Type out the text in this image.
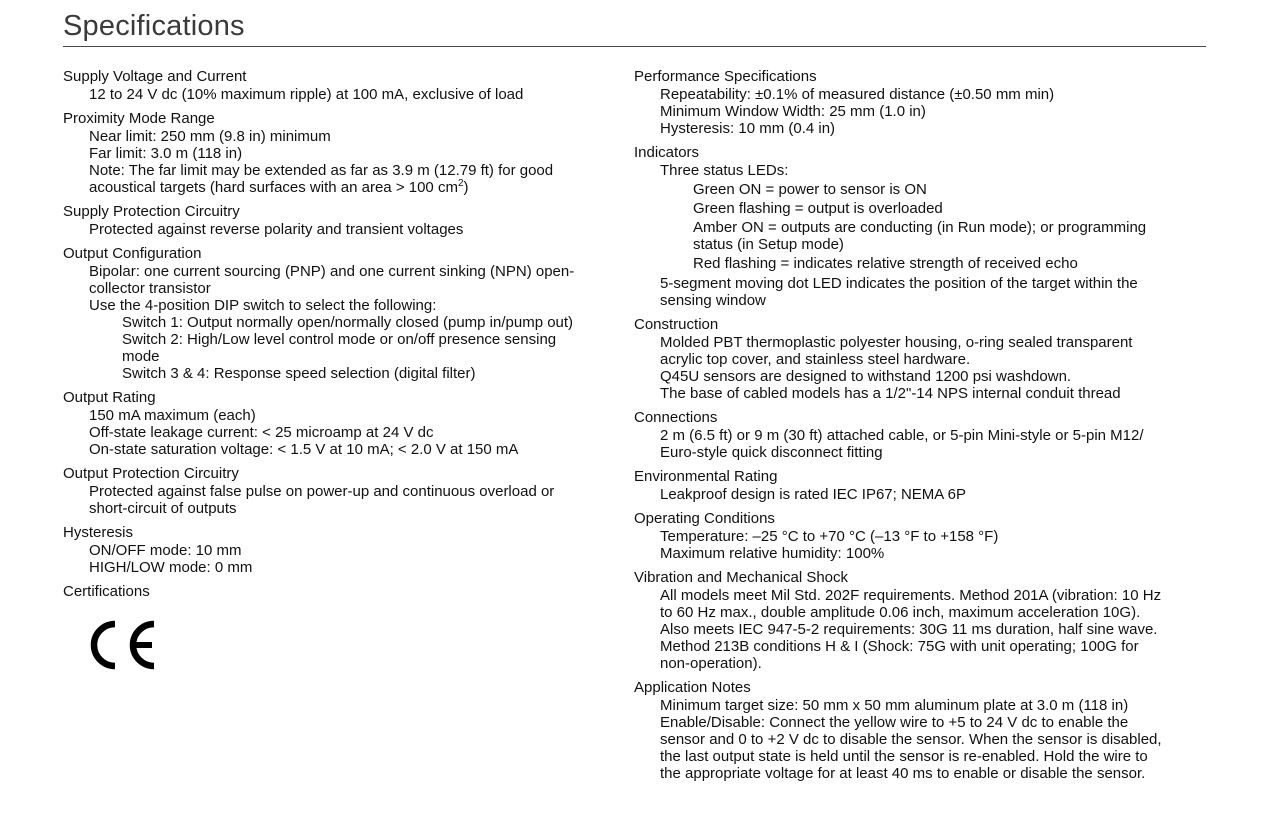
Specifications
Supply Voltage and Current
12 to 24 V dc (10% maximum ripple) at 100 mA, exclusive of load
Proximity Mode Range
Near limit: 250 mm (9.8 in) minimum
Far limit: 3.0 m (118 in)
Note: The far limit may be extended as far as 3.9 m (12.79 ft) for good
acoustical targets (hard surfaces with an area > 100 $cm^2$)
Supply Protection Circuitry
Protected against reverse polarity and transient voltages
Output Configuration
Bipolar: one current sourcing (PNP) and one current sinking (NPN) open-
collector transistor
Use the 4-position DIP switch to select the following:
Switch 1: Output normally open/normally closed (pump in/pump out)
Switch 2: High/Low level control mode or on/off presence sensing
mode
Switch 3 & 4: Response speed selection (digital filter)
Output Rating
150 mA maximum (each)
Off-state leakage current: < 25 microamp at 24 V dc
On-state saturation voltage: < 1.5 V at 10 mA; < 2.0 V at 150 mA
Output Protection Circuitry
Protected against false pulse on power-up and continuous overload or
short-circuit of outputs
Hysteresis
ON/OFF mode: 10 mm
HIGH/LOW mode: 0 mm
Certifications
Performance Specifications
Repeatability: ±0.1% of measured distance (±0.50 mm min)
Minimum Window Width: 25 mm (1.0 in)
Hysteresis: 10 mm (0.4 in)
Indicators
Three status LEDs:
Green ON = power to sensor is ON
Green flashing = output is overloaded
Amber ON = outputs are conducting (in Run mode); or programming
status (in Setup mode)
Red flashing = indicates relative strength of received echo
5-segment moving dot LED indicates the position of the target within the
sensing window
Construction
Molded PBT thermoplastic polyester housing, o-ring sealed transparent
acrylic top cover, and stainless steel hardware.
Q45U sensors are designed to withstand 1200 psi washdown.
The base of cabled models has a 1/2"-14 NPS internal conduit thread
Connections
2 m (6.5 ft) or 9 m (30 ft) attached cable, or 5-pin Mini-style or 5-pin M12/
Euro-style quick disconnect fitting
Environmental Rating
Leakproof design is rated IEC IP67; NEMA 6P
Operating Conditions
Temperature: –25 °C to +70 °C (–13 °F to +158 °F)
Maximum relative humidity: 100%
Vibration and Mechanical Shock
All models meet Mil Std. 202F requirements. Method 201A (vibration: 10 Hz
to 60 Hz max., double amplitude 0.06 inch, maximum acceleration 10G).
Also meets IEC 947-5-2 requirements: 30G 11 ms duration, half sine wave.
Method 213B conditions H & I (Shock: 75G with unit operating; 100G for
non-operation).
Application Notes
Minimum target size: 50 mm x 50 mm aluminum plate at 3.0 m (118 in)
Enable/Disable: Connect the yellow wire to +5 to 24 V dc to enable the
sensor and 0 to +2 V dc to disable the sensor. When the sensor is disabled,
the last output state is held until the sensor is re-enabled. Hold the wire to
the appropriate voltage for at least 40 ms to enable or disable the sensor.
